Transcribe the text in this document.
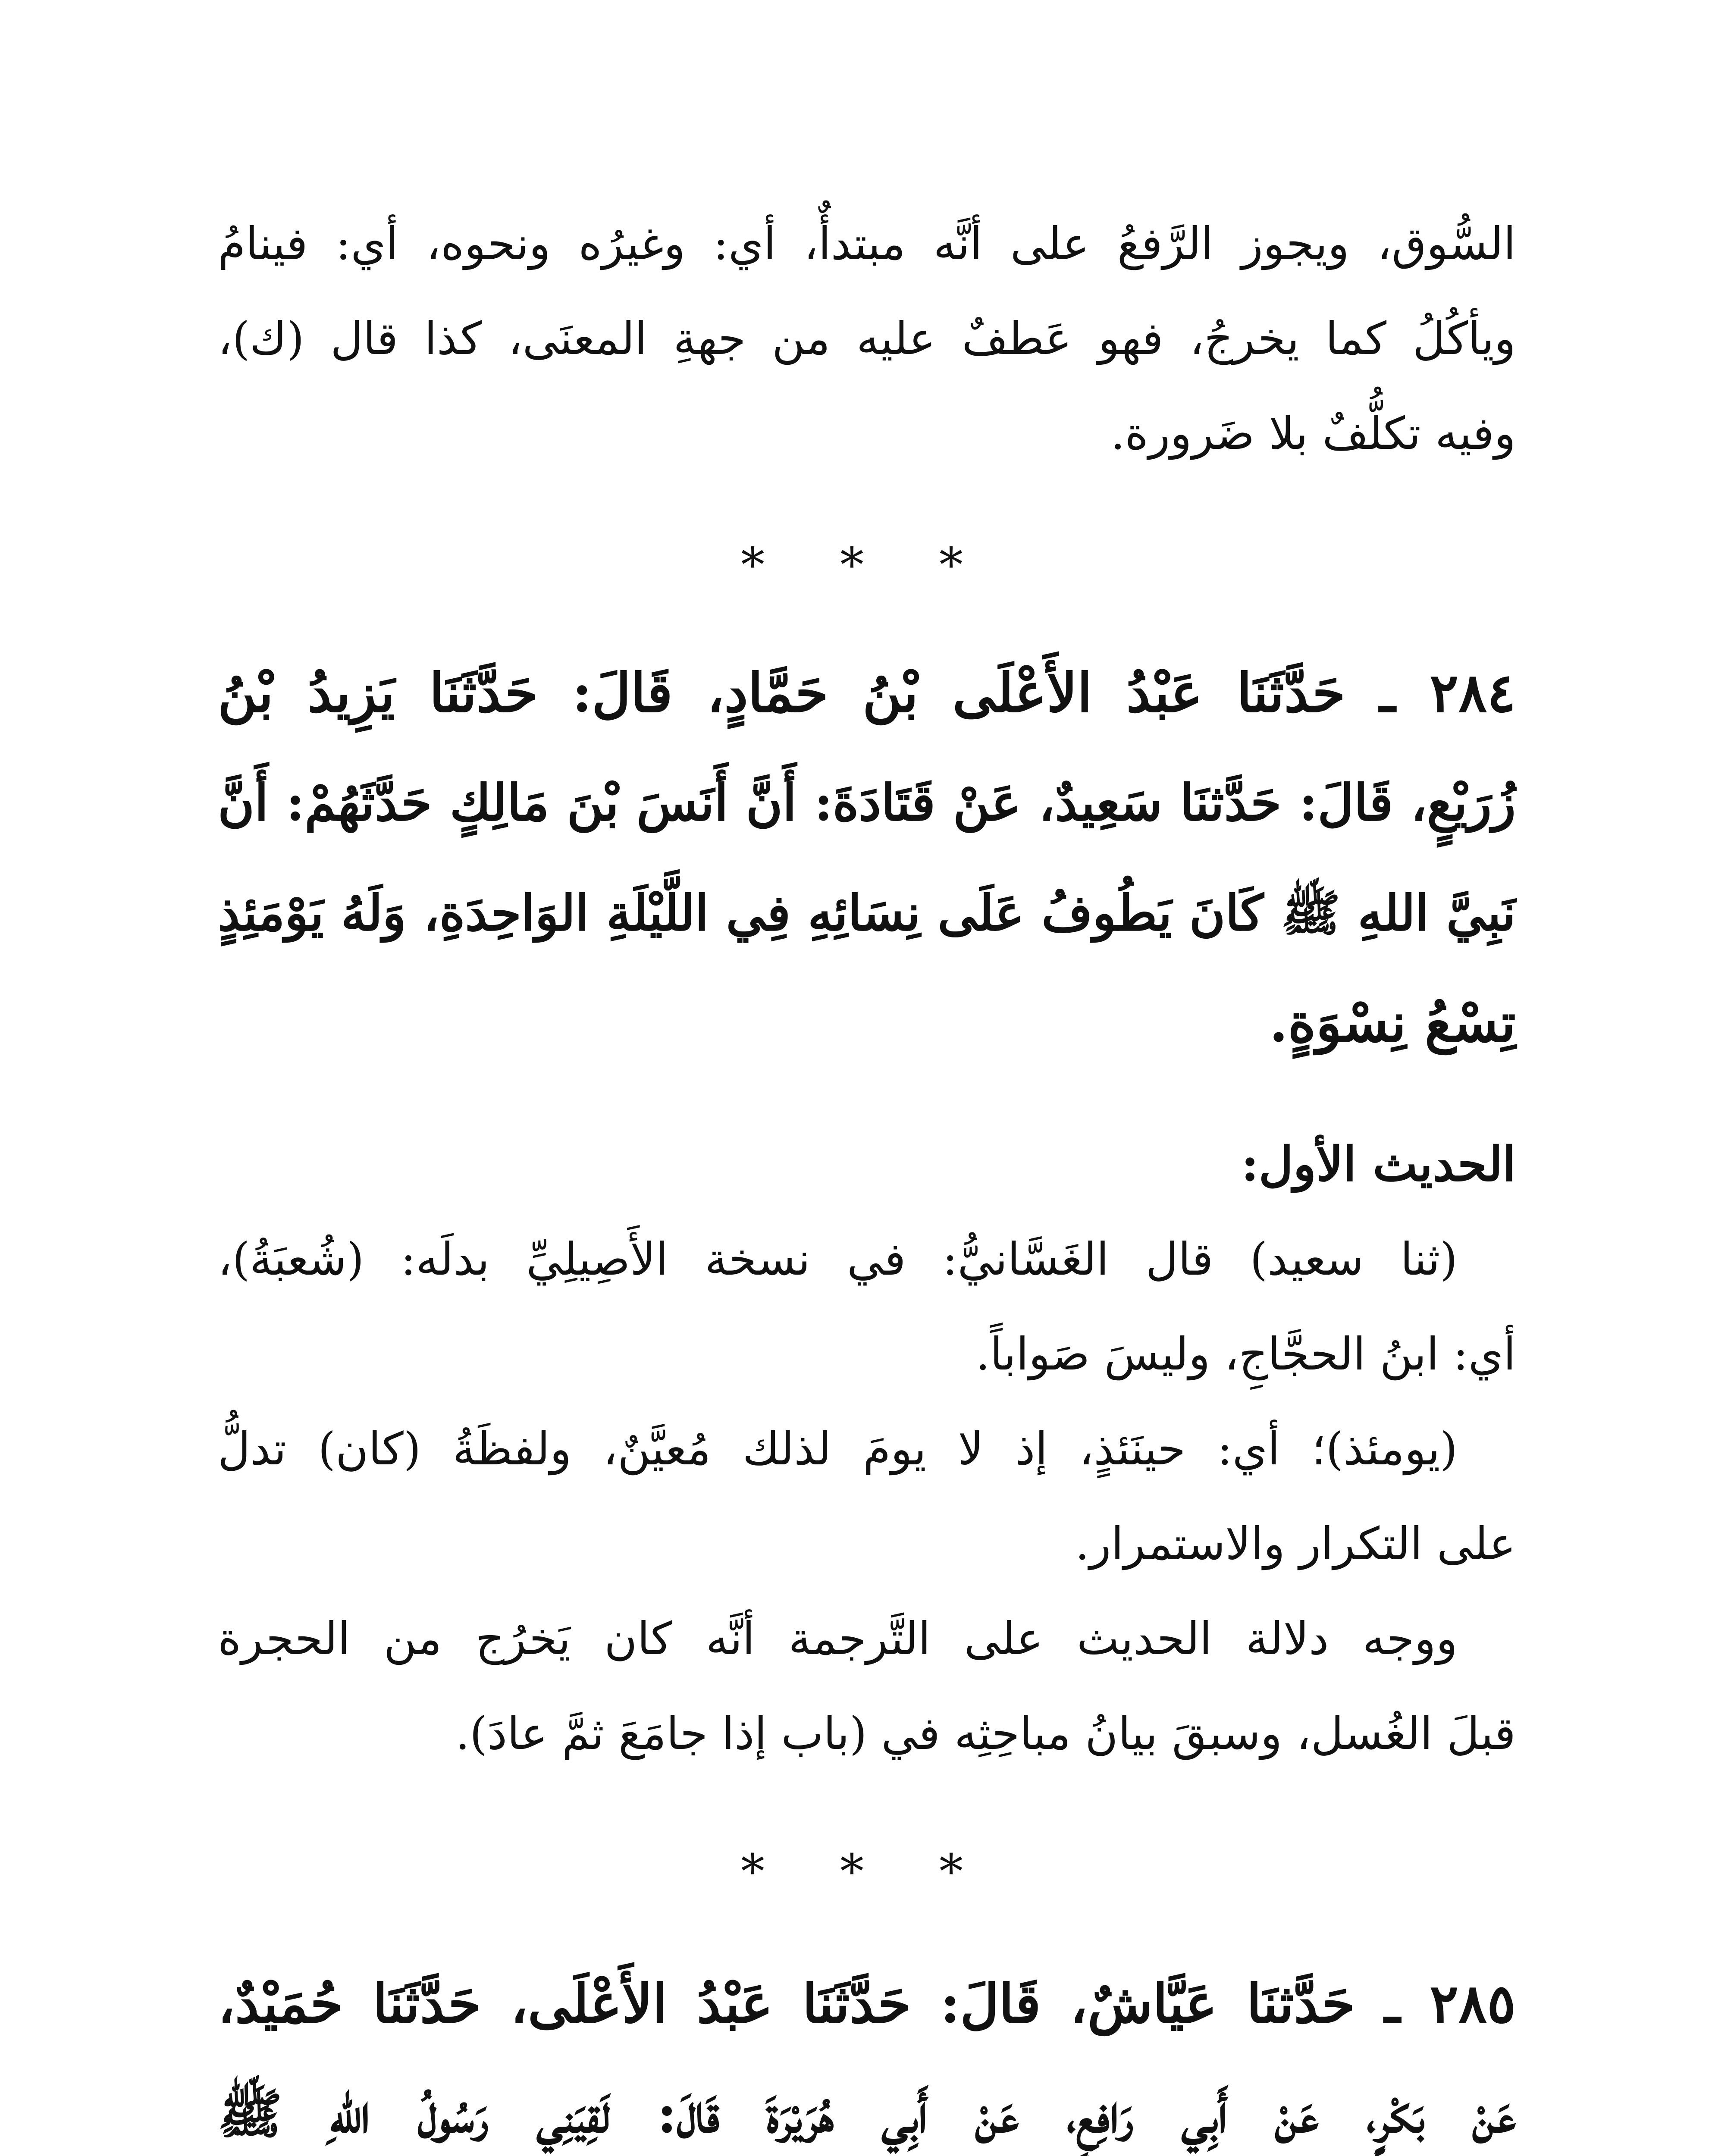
السُّوق، ويجوز الرَّفعُ على أنَّه مبتدأٌ، أي: وغيرُه ونحوه، أي: فينامُ
ويأكُلُ كما يخرجُ، فهو عَطفٌ عليه من جهةِ المعنَى، كذا قال (ك)،
وفيه تكلُّفٌ بلا ضَرورة.
* * *
٢٨٤ ـ حَدَّثَنَا عَبْدُ الأَعْلَى بْنُ حَمَّادٍ، قَالَ: حَدَّثَنَا يَزِيدُ بْنُ
زُرَيْعٍ، قَالَ: حَدَّثنَا سَعِيدٌ، عَنْ قَتَادَةَ: أَنَّ أَنَسَ بْنَ مَالِكٍ حَدَّثَهُمْ: أَنَّ
نَبِيَّ اللهِ ﷺ كَانَ يَطُوفُ عَلَى نِسَائِهِ فِي اللَّيْلَةِ الوَاحِدَةِ، وَلَهُ يَوْمَئِذٍ
تِسْعُ نِسْوَةٍ.
الحديث الأول:
(ثنا سعيد) قال الغَسَّانيُّ: في نسخة الأَصِيلِيِّ بدلَه: (شُعبَةُ)،
أي: ابنُ الحجَّاجِ، وليسَ صَواباً.
(يومئذ)؛ أي: حينَئذٍ، إذ لا يومَ لذلك مُعيَّنٌ، ولفظَةُ (كان) تدلُّ
على التكرار والاستمرار.
ووجه دلالة الحديث على التَّرجمة أنَّه كان يَخرُج من الحجرة
قبلَ الغُسل، وسبقَ بيانُ مباحِثِه في (باب إذا جامَعَ ثمَّ عادَ).
* * *
٢٨٥ ـ حَدَّثنَا عَيَّاشٌ، قَالَ: حَدَّثَنَا عَبْدُ الأَعْلَى، حَدَّثَنَا حُمَيْدٌ،
عَنْ بَكْرٍ، عَنْ أَبِي رَافِعٍ، عَنْ أَبِي هُرَيْرَةَ قَالَ: لَقِيَنِي رَسُولُ اللهِ ﷺ
